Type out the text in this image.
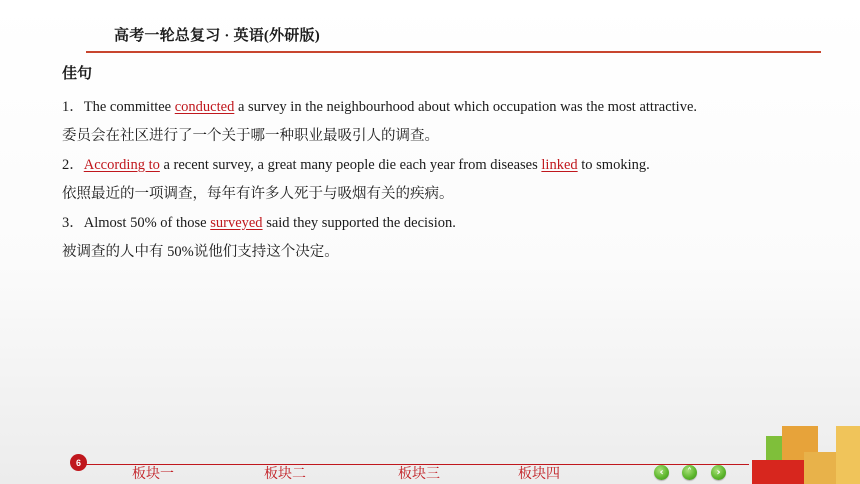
高考一轮总复习 · 英语(外研版)
佳句
1．The committee conducted a survey in the neighbourhood about which occupation was the most attractive.
委员会在社区进行了一个关于哪一种职业最吸引人的调查。
2．According to a recent survey, a great many people die each year from diseases linked to smoking.
依照最近的一项调查，每年有许多人死于与吸烟有关的疾病。
3．Almost 50% of those surveyed said they supported the decision.
被调查的人中有 50%说他们支持这个决定。
6
板块一	板块二	板块三	板块四	‹ ˄ ›
